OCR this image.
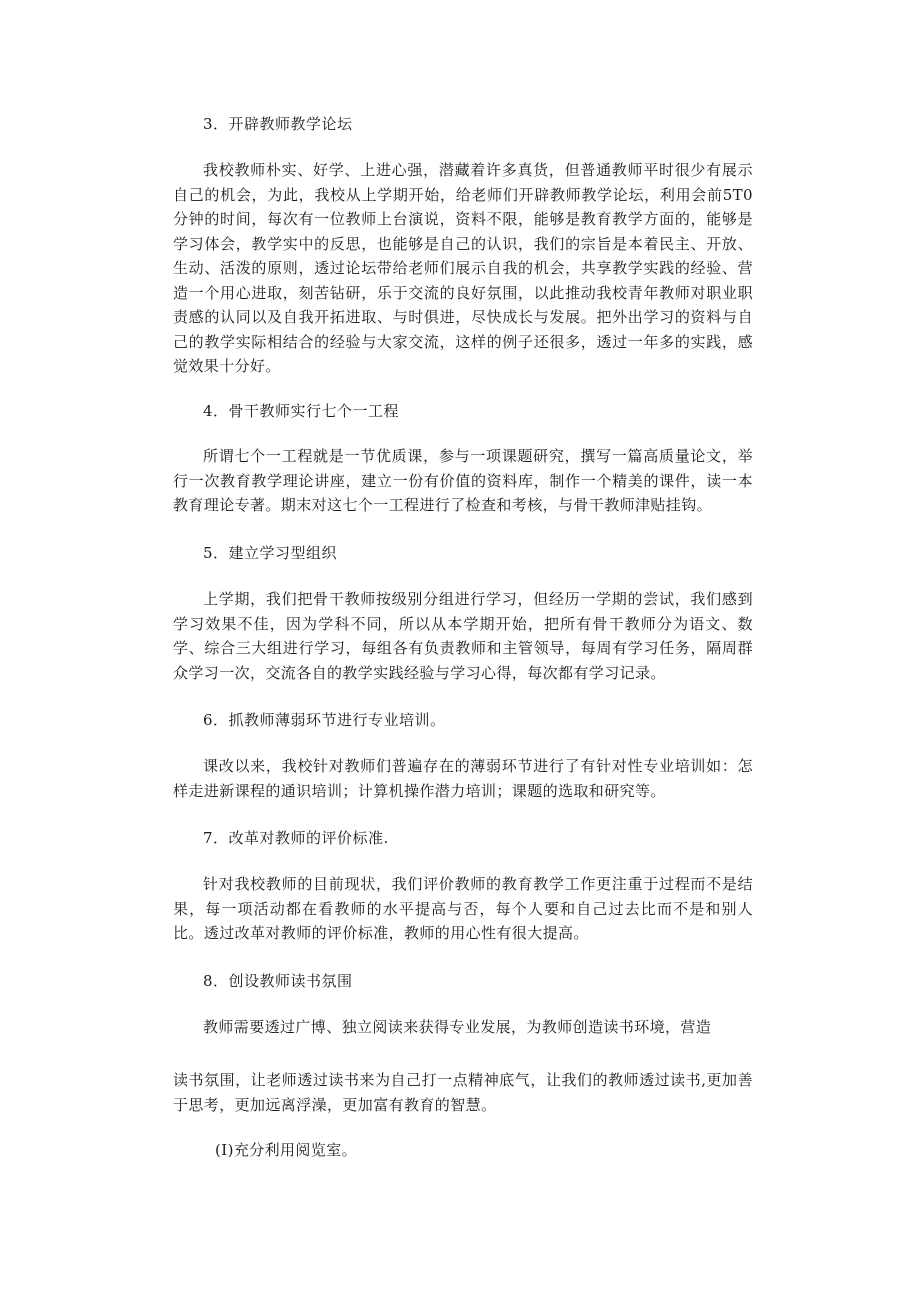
3．开辟教师教学论坛
我校教师朴实、好学、上进心强，潜藏着许多真货，但普通教师平时很少有展示自己的机会，为此，我校从上学期开始，给老师们开辟教师教学论坛，利用会前5T0分钟的时间，每次有一位教师上台演说，资料不限，能够是教育教学方面的，能够是学习体会，教学实中的反思，也能够是自己的认识，我们的宗旨是本着民主、开放、生动、活泼的原则，透过论坛带给老师们展示自我的机会，共享教学实践的经验、营造一个用心进取，刻苦钻研，乐于交流的良好氛围，以此推动我校青年教师对职业职责感的认同以及自我开拓进取、与时俱进，尽快成长与发展。把外出学习的资料与自己的教学实际相结合的经验与大家交流，这样的例子还很多，透过一年多的实践，感觉效果十分好。
4．骨干教师实行七个一工程
所谓七个一工程就是一节优质课，参与一项课题研究，撰写一篇高质量论文，举行一次教育教学理论讲座，建立一份有价值的资料库，制作一个精美的课件，读一本教育理论专著。期末对这七个一工程进行了检查和考核，与骨干教师津贴挂钩。
5．建立学习型组织
上学期，我们把骨干教师按级别分组进行学习，但经历一学期的尝试，我们感到学习效果不佳，因为学科不同，所以从本学期开始，把所有骨干教师分为语文、数学、综合三大组进行学习，每组各有负责教师和主管领导，每周有学习任务，隔周群众学习一次，交流各自的教学实践经验与学习心得，每次都有学习记录。
6．抓教师薄弱环节进行专业培训。
课改以来，我校针对教师们普遍存在的薄弱环节进行了有针对性专业培训如：怎样走进新课程的通识培训；计算机操作潜力培训；课题的选取和研究等。
7．改革对教师的评价标准.
针对我校教师的目前现状，我们评价教师的教育教学工作更注重于过程而不是结果，每一项活动都在看教师的水平提高与否，每个人要和自己过去比而不是和别人比。透过改革对教师的评价标准，教师的用心性有很大提高。
8．创设教师读书氛围
教师需要透过广博、独立阅读来获得专业发展，为教师创造读书环境，营造
读书氛围，让老师透过读书来为自己打一点精神底气，让我们的教师透过读书,更加善于思考，更加远离浮澡，更加富有教育的智慧。
(I)充分利用阅览室。
